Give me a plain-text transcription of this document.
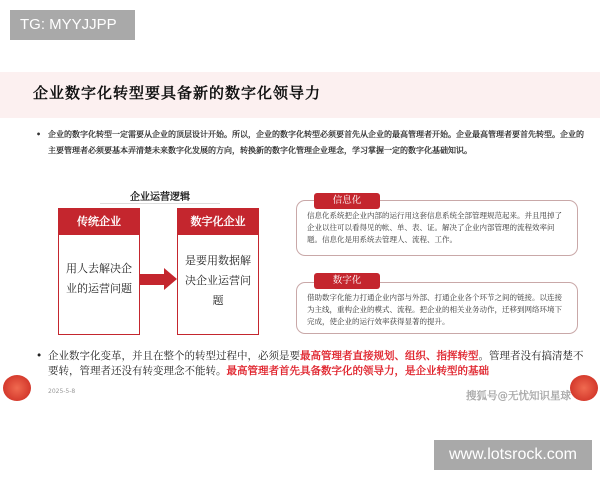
TG: MYYJJPP
企业数字化转型要具备新的数字化领导力
• 企业的数字化转型一定需要从企业的顶层设计开始。所以，企业的数字化转型必须要首先从企业的最高管理者开始。企业最高管理者要首先转型。企业的主要管理者必须要基本弄清楚未来数字化发展的方向，转换新的数字化管理企业理念，学习掌握一定的数字化基础知识。
企业运营逻辑
传统企业
用人去解决企业的运营问题
数字化企业
是要用数据解决企业运营问题
信息化系统把企业内部的运行用这套信息系统全部管理规范起来。并且甩掉了企业以往可以看得见的帐、单、表、证。解决了企业内部管理的流程效率问题。信息化是用系统去管理人、流程、工作。
信息化
借助数字化能力打通企业内部与外部、打通企业各个环节之间的链接。以连接为主线，重构企业的模式、流程。把企业的相关业务动作，迁移到网络环境下完成，使企业的运行效率获得显著的提升。
数字化
• 企业数字化变革，并且在整个的转型过程中，必须是要最高管理者直接规划、组织、指挥转型。管理者没有搞清楚不要转，管理者还没有转变理念不能转。最高管理者首先具备数字化的领导力，是企业转型的基础
2025-5-8	搜狐号@无忧知识星球
www.lotsrock.com
